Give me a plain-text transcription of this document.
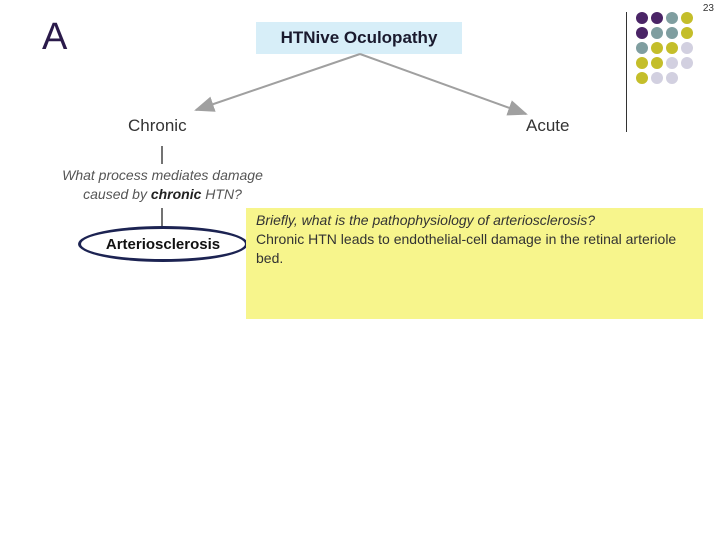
23
A	HTNive Oculopathy
Chronic	Acute
What process mediates damage caused by chronic HTN?
Arteriosclerosis
Briefly, what is the pathophysiology of arteriosclerosis?
Chronic HTN leads to endothelial-cell damage in the retinal arteriole bed.
